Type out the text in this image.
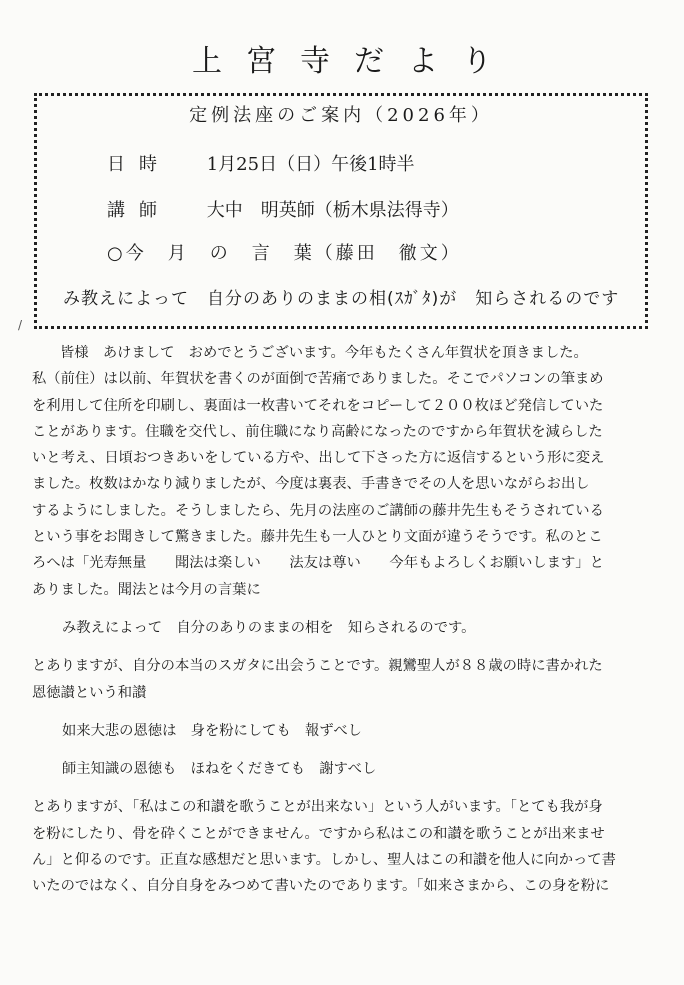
上宮寺だより
定例法座のご案内（2026年）
日時 1月25日（日）午後1時半
講師 大中　明英師（栃木県法得寺）
○今　月　の　言　葉（藤田　徹文）
み教えによって　自分のありのままの相(ｽｶﾞﾀ)が　知らされるのです
/
皆様　あけまして　おめでとうございます。今年もたくさん年賀状を頂きました。
私（前住）は以前、年賀状を書くのが面倒で苦痛でありました。そこでパソコンの筆まめ
を利用して住所を印刷し、裏面は一枚書いてそれをコピーして２００枚ほど発信していた
ことがあります。住職を交代し、前住職になり高齢になったのですから年賀状を減らした
いと考え、日頃おつきあいをしている方や、出して下さった方に返信するという形に変え
ました。枚数はかなり減りましたが、今度は裏表、手書きでその人を思いながらお出し
するようにしました。そうしましたら、先月の法座のご講師の藤井先生もそうされている
という事をお聞きして驚きました。藤井先生も一人ひとり文面が違うそうです。私のとこ
ろへは「光寿無量　　聞法は楽しい　　法友は尊い　　今年もよろしくお願いします」と
ありました。聞法とは今月の言葉に
み教えによって　自分のありのままの相を　知らされるのです。
とありますが、自分の本当のスガタに出会うことです。親鸞聖人が８８歳の時に書かれた
恩徳讃という和讃
如来大悲の恩徳は　身を粉にしても　報ずべし
師主知識の恩徳も　ほねをくだきても　謝すべし
とありますが、「私はこの和讃を歌うことが出来ない」という人がいます。「とても我が身
を粉にしたり、骨を砕くことができません。ですから私はこの和讃を歌うことが出来ませ
ん」と仰るのです。正直な感想だと思います。しかし、聖人はこの和讃を他人に向かって書
いたのではなく、自分自身をみつめて書いたのであります。「如来さまから、この身を粉に
